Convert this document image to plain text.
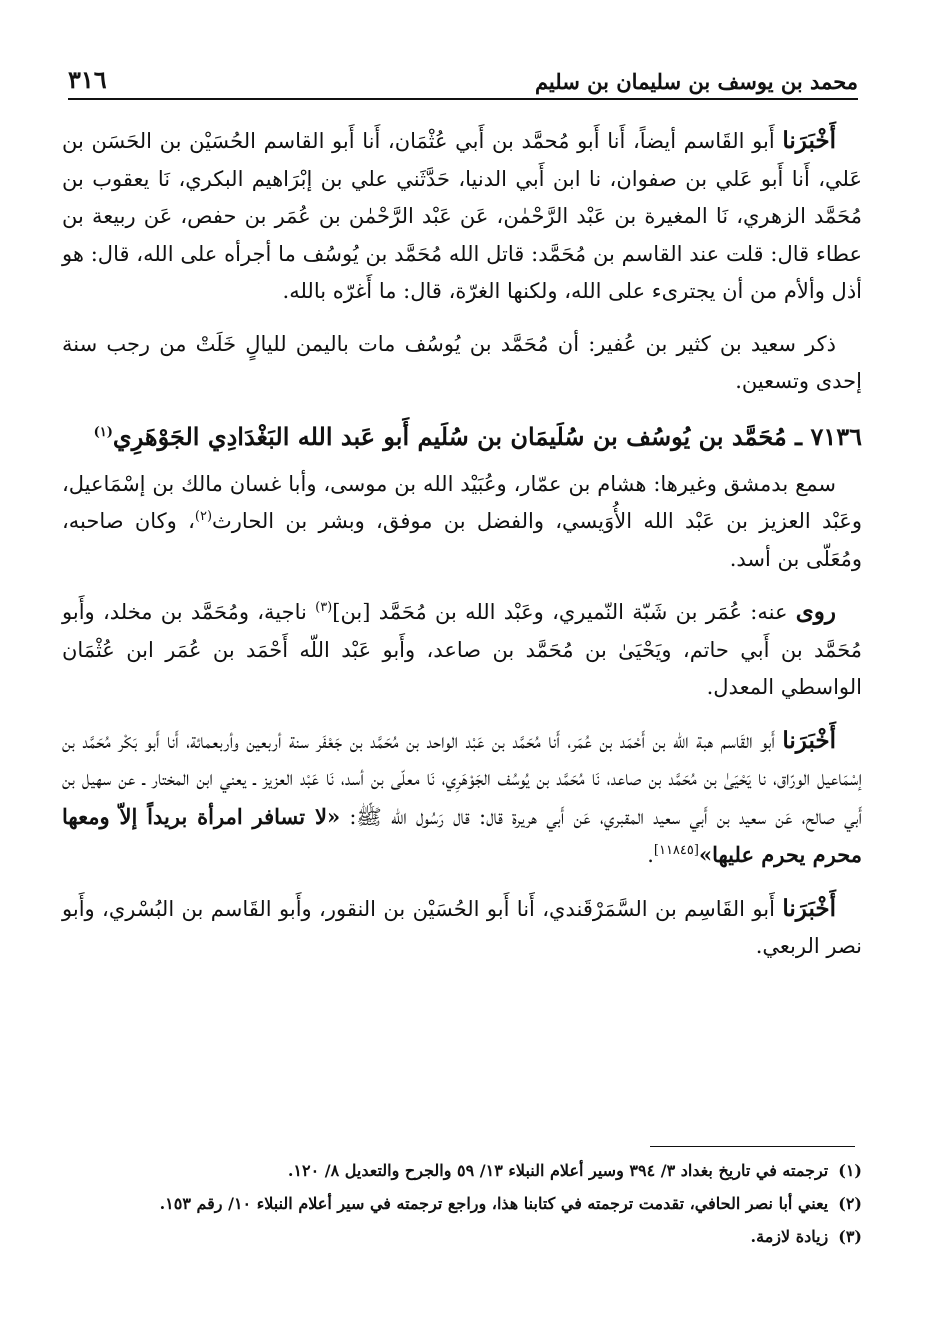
محمد بن يوسف بن سليمان بن سليم
٣١٦

أَخْبَرَنا أَبو القَاسم أيضاً، أَنا أَبو مُحمَّد بن أَبي عُثْمَان، أَنا أَبو القاسم الحُسَيْن بن الحَسَن بن عَلي، أَنا أَبو عَلي بن صفوان، نا ابن أَبي الدنيا، حَدَّثَني علي بن إبْرَاهيم البكري، نَا يعقوب بن مُحَمَّد الزهري، نَا المغيرة بن عَبْد الرَّحْمٰن، عَن عَبْد الرَّحْمٰن بن عُمَر بن حفص، عَن ربيعة بن عطاء قال: قلت عند القاسم بن مُحَمَّد: قاتل الله مُحَمَّد بن يُوسُف ما أجرأه على الله، قال: هو أذل وألأم من أن يجترىء على الله، ولكنها الغرّة، قال: ما أَغرّه بالله.

ذكر سعيد بن كثير بن عُفير: أن مُحَمَّد بن يُوسُف مات باليمن لليالٍ خَلَتْ من رجب سنة إحدى وتسعين.

٧١٣٦ ـ مُحَمَّد بن يُوسُف بن سُلَيمَان بن سُلَيم أَبو عَبد الله البَغْدَادِي الجَوْهَرِي$^{(١)}$

سمع بدمشق وغيرها: هشام بن عمّار، وعُبَيْد الله بن موسى، وأبا غسان مالك بن إسْمَاعيل، وعَبْد العزيز بن عَبْد الله الأُوَيسي، والفضل بن موفق، وبشر بن الحارث$^{(٢)}$، وكان صاحبه، ومُعَلّى بن أسد.

روى عنه: عُمَر بن شَبّة النّميري، وعَبْد الله بن مُحَمَّد [بن]$^{(٣)}$ ناجية، ومُحَمَّد بن مخلد، وأَبو مُحَمَّد بن أَبي حاتم، ويَحْيَىٰ بن مُحَمَّد بن صاعد، وأَبو عَبْد اللّه أَحْمَد بن عُمَر ابن عُثْمَان الواسطي المعدل.

أَخْبَرَنا أَبو القَاسم هبة اللّه بن أَحْمَد بن عُمَر، أَنا مُحَمَّد بن عَبْد الواحد بن مُحَمَّد بن جَعْفَر سنة أربعين وأربعمائة، أَنا أَبو بَكْر مُحَمَّد بن إسْمَاعيل الورّاق، نا يَحْيَىٰ بن مُحَمَّد بن صاعد، نَا مُحَمَّد بن يُوسُف الجَوْهَرِي، نَا معلّى بن أسد، نَا عَبْد العزيز ـ يعني ابن المختار ـ عن سهيل بن أَبي صالح، عَن سعيد بن أَبي سعيد المقبري، عَن أَبي هريرة قال: قال رَسُول الله ﷺ: «لا تسافر امرأة بريداً إلاّ ومعها محرم يحرم عليها»[١١٨٤٥].

أَخْبَرَنا أَبو القَاسِم بن السَّمَرْقَندي، أَنا أَبو الحُسَيْن بن النقور، وأَبو القَاسم بن البُسْري، وأَبو نصر الربعي.

(١)ترجمته في تاريخ بغداد ٣/ ٣٩٤ وسير أعلام النبلاء ١٣/ ٥٩ والجرح والتعديل ٨/ ١٢٠.
(٢)يعني أبا نصر الحافي، تقدمت ترجمته في كتابنا هذا، وراجع ترجمته في سير أعلام النبلاء ١٠/ رقم ١٥٣.
(٣)زيادة لازمة.
